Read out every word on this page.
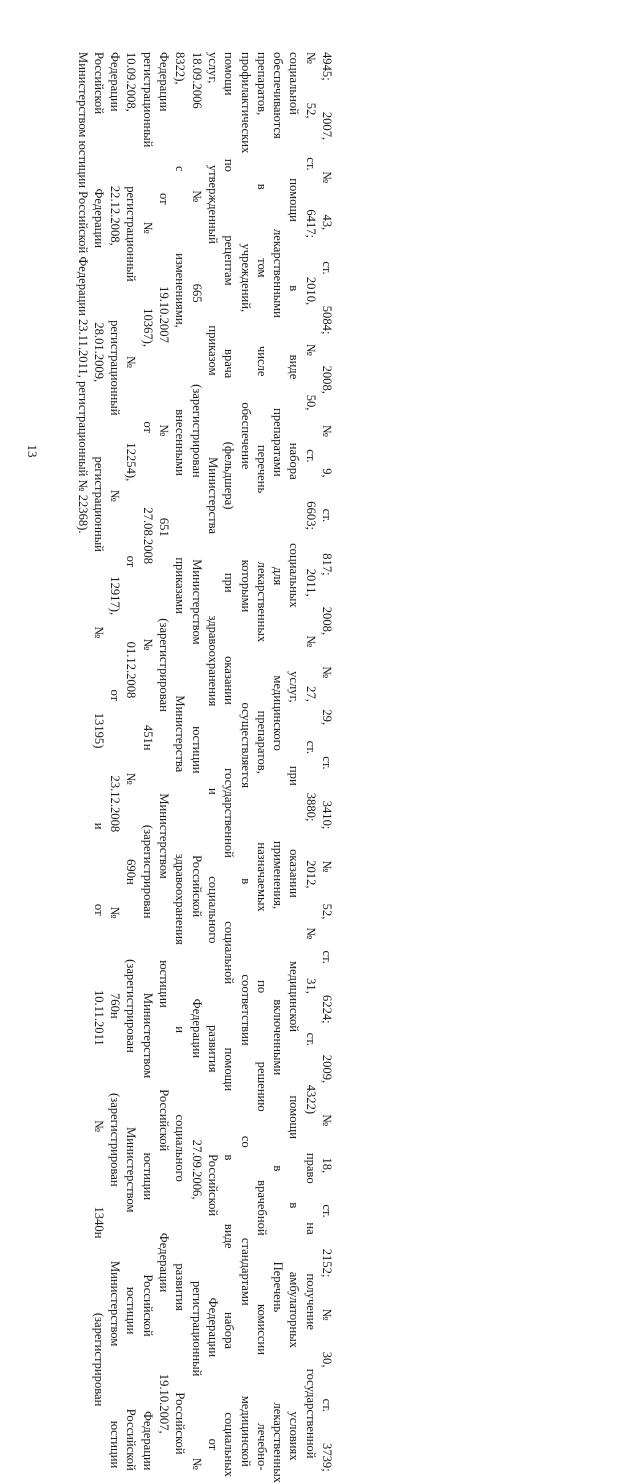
13	4945; 2007, № 43, ст. 5084; 2008, № 9, ст. 817; 2008, № 29, ст. 3410; № 52, ст. 6224; 2009, № 18, ст. 2152; № 30, ст. 3739;
№ 52, ст. 6417; 2010, № 50, ст. 6603; 2011, № 27, ст. 3880; 2012, № 31, ст. 4322) право на получение государственной
социальной помощи в виде набора социальных услуг, при оказании медицинской помощи в амбулаторных условиях
обеспечиваются лекарственными препаратами для медицинского применения, включенными в Перечень лекарственных
препаратов, в том числе перечень лекарственных препаратов, назначаемых по решению врачебной комиссии лечебно-
профилактических учреждений, обеспечение которыми осуществляется в соответствии со стандартами медицинской
помощи по рецептам врача (фельдшера) при оказании государственной социальной помощи в виде набора социальных
услуг, утвержденный приказом Министерства здравоохранения и социального развития Российской Федерации от
18.09.2006 № 665 (зарегистрирован Министерством юстиции Российской Федерации 27.09.2006, регистрационный №
8322), с изменениями, внесенными приказами Министерства здравоохранения и социального развития Российской
Федерации от 19.10.2007 № 651 (зарегистрирован Министерством юстиции Российской Федерации 19.10.2007,
регистрационный № 10367), от 27.08.2008 № 451н (зарегистрирован Министерством юстиции Российской Федерации
10.09.2008, регистрационный № 12254), от 01.12.2008 № 690н (зарегистрирован Министерством юстиции Российской
Федерации 22.12.2008, регистрационный № 12917), от 23.12.2008 № 760н (зарегистрирован Министерством юстиции
Российской Федерации 28.01.2009, регистрационный № 13195) и от 10.11.2011 № 1340н (зарегистрирован
Министерством юстиции Российской Федерации 23.11.2011, регистрационный № 22368).
